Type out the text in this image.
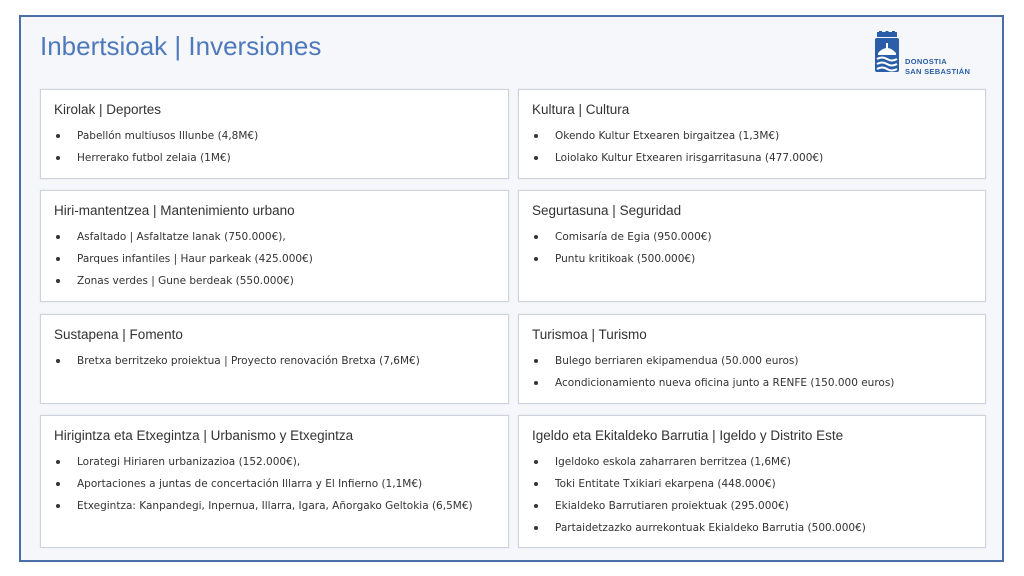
Inbertsioak | Inversiones
DONOSTIA
SAN SEBASTIÁN
Kirolak | Deportes
Pabellón multiusos Illunbe (4,8M€)
Herrerako futbol zelaia (1M€)
Kultura | Cultura
Okendo Kultur Etxearen birgaitzea (1,3M€)
Loiolako Kultur Etxearen irisgarritasuna (477.000€)
Hiri-mantentzea | Mantenimiento urbano
Asfaltado | Asfaltatze lanak (750.000€),
Parques infantiles | Haur parkeak (425.000€)
Zonas verdes | Gune berdeak (550.000€)
Segurtasuna | Seguridad
Comisaría de Egia (950.000€)
Puntu kritikoak (500.000€)
Sustapena | Fomento
Bretxa berritzeko proiektua | Proyecto renovación Bretxa (7,6M€)
Turismoa | Turismo
Bulego berriaren ekipamendua (50.000 euros)
Acondicionamiento nueva oficina junto a RENFE (150.000 euros)
Hirigintza eta Etxegintza | Urbanismo y Etxegintza
Lorategi Hiriaren urbanizazioa (152.000€),
Aportaciones a juntas de concertación Illarra y El Infierno (1,1M€)
Etxegintza: Kanpandegi, Inpernua, Illarra, Igara, Añorgako Geltokia (6,5M€)
Igeldo eta Ekitaldeko Barrutia | Igeldo y Distrito Este
Igeldoko eskola zaharraren berritzea (1,6M€)
Toki Entitate Txikiari ekarpena (448.000€)
Ekialdeko Barrutiaren proiektuak (295.000€)
Partaidetzazko aurrekontuak Ekialdeko Barrutia (500.000€)
